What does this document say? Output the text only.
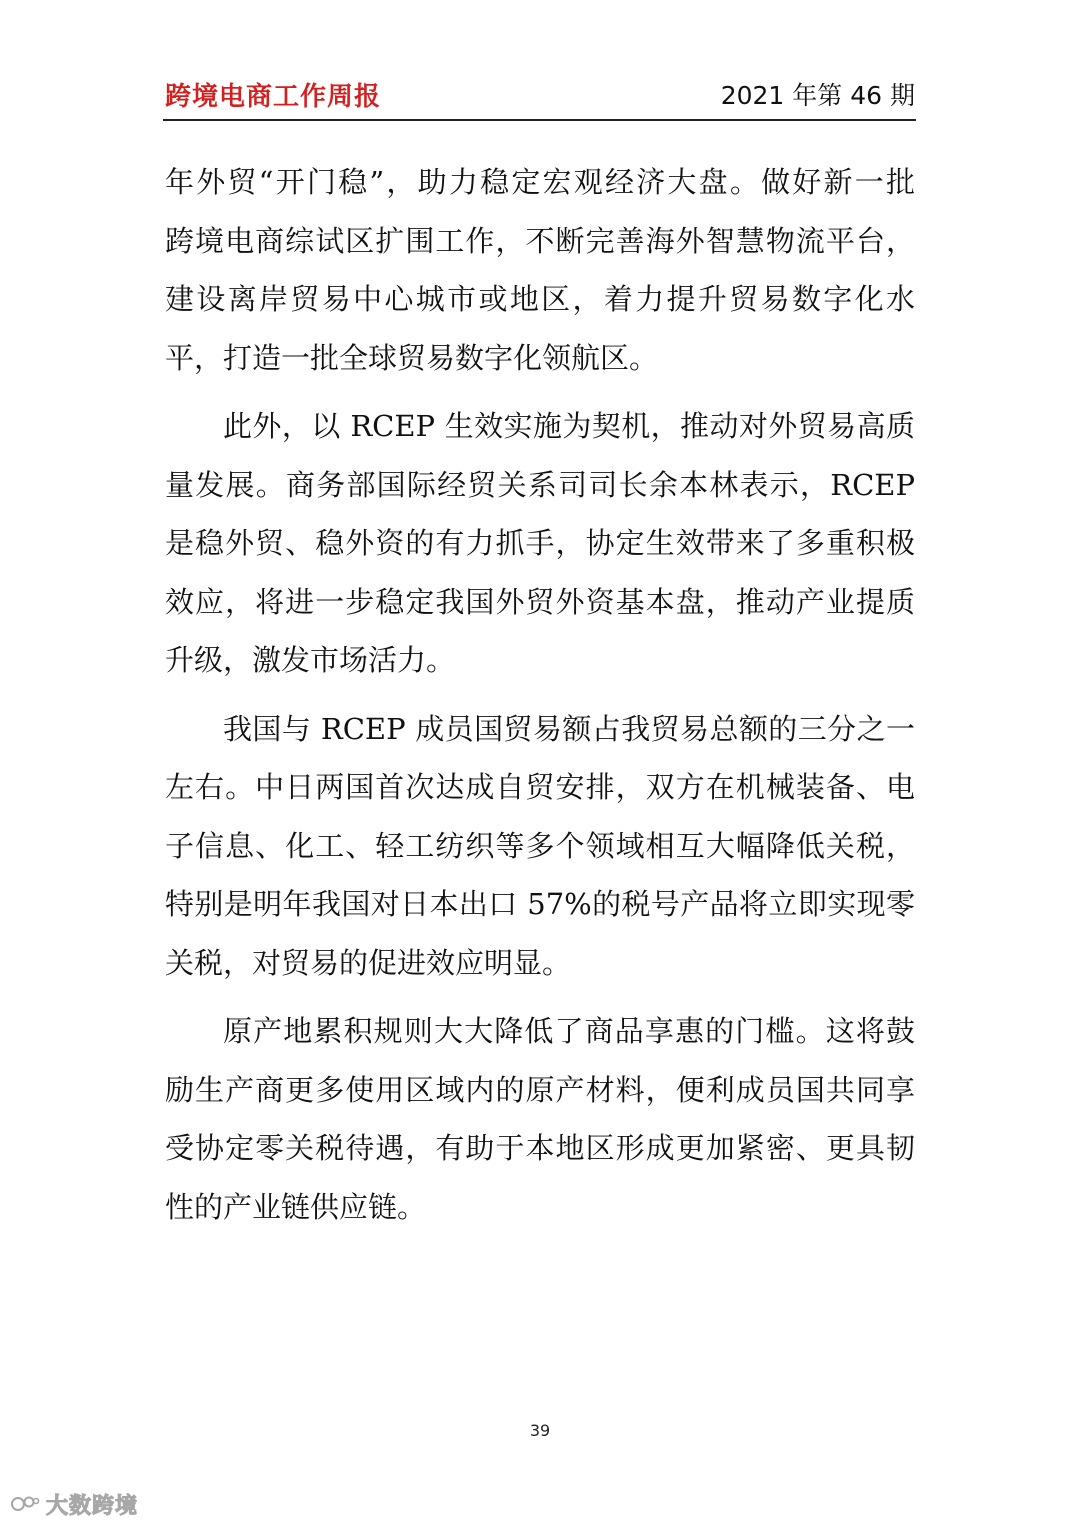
跨境电商工作周报	2021 年第 46 期
年外贸“开门稳”，助力稳定宏观经济大盘。做好新一批
跨境电商综试区扩围工作，不断完善海外智慧物流平台，
建设离岸贸易中心城市或地区，着力提升贸易数字化水
平，打造一批全球贸易数字化领航区。
此外，以 RCEP 生效实施为契机，推动对外贸易高质
量发展。商务部国际经贸关系司司长余本林表示，RCEP
是稳外贸、稳外资的有力抓手，协定生效带来了多重积极
效应，将进一步稳定我国外贸外资基本盘，推动产业提质
升级，激发市场活力。
我国与 RCEP 成员国贸易额占我贸易总额的三分之一
左右。中日两国首次达成自贸安排，双方在机械装备、电
子信息、化工、轻工纺织等多个领域相互大幅降低关税，
特别是明年我国对日本出口 57%的税号产品将立即实现零
关税，对贸易的促进效应明显。
原产地累积规则大大降低了商品享惠的门槛。这将鼓
励生产商更多使用区域内的原产材料，便利成员国共同享
受协定零关税待遇，有助于本地区形成更加紧密、更具韧
性的产业链供应链。
39
大数跨境
